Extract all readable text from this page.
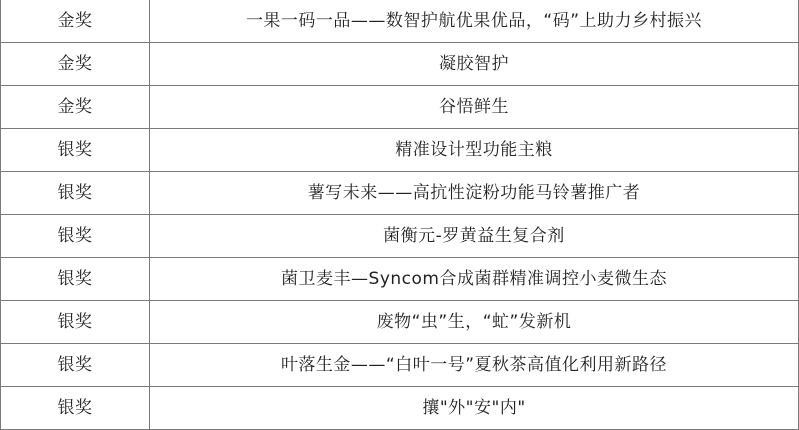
金奖	一果一码一品——数智护航优果优品，“码”上助力乡村振兴
金奖	凝胶智护
金奖	谷悟鲜生
银奖	精准设计型功能主粮
银奖	薯写未来——高抗性淀粉功能马铃薯推广者
银奖	菌衡元-罗黄益生复合剂
银奖	菌卫麦丰—Syncom合成菌群精准调控小麦微生态
银奖	废物“虫”生，“虻”发新机
银奖	叶落生金——“白叶一号”夏秋茶高值化利用新路径
银奖	攘"外"安"内"
